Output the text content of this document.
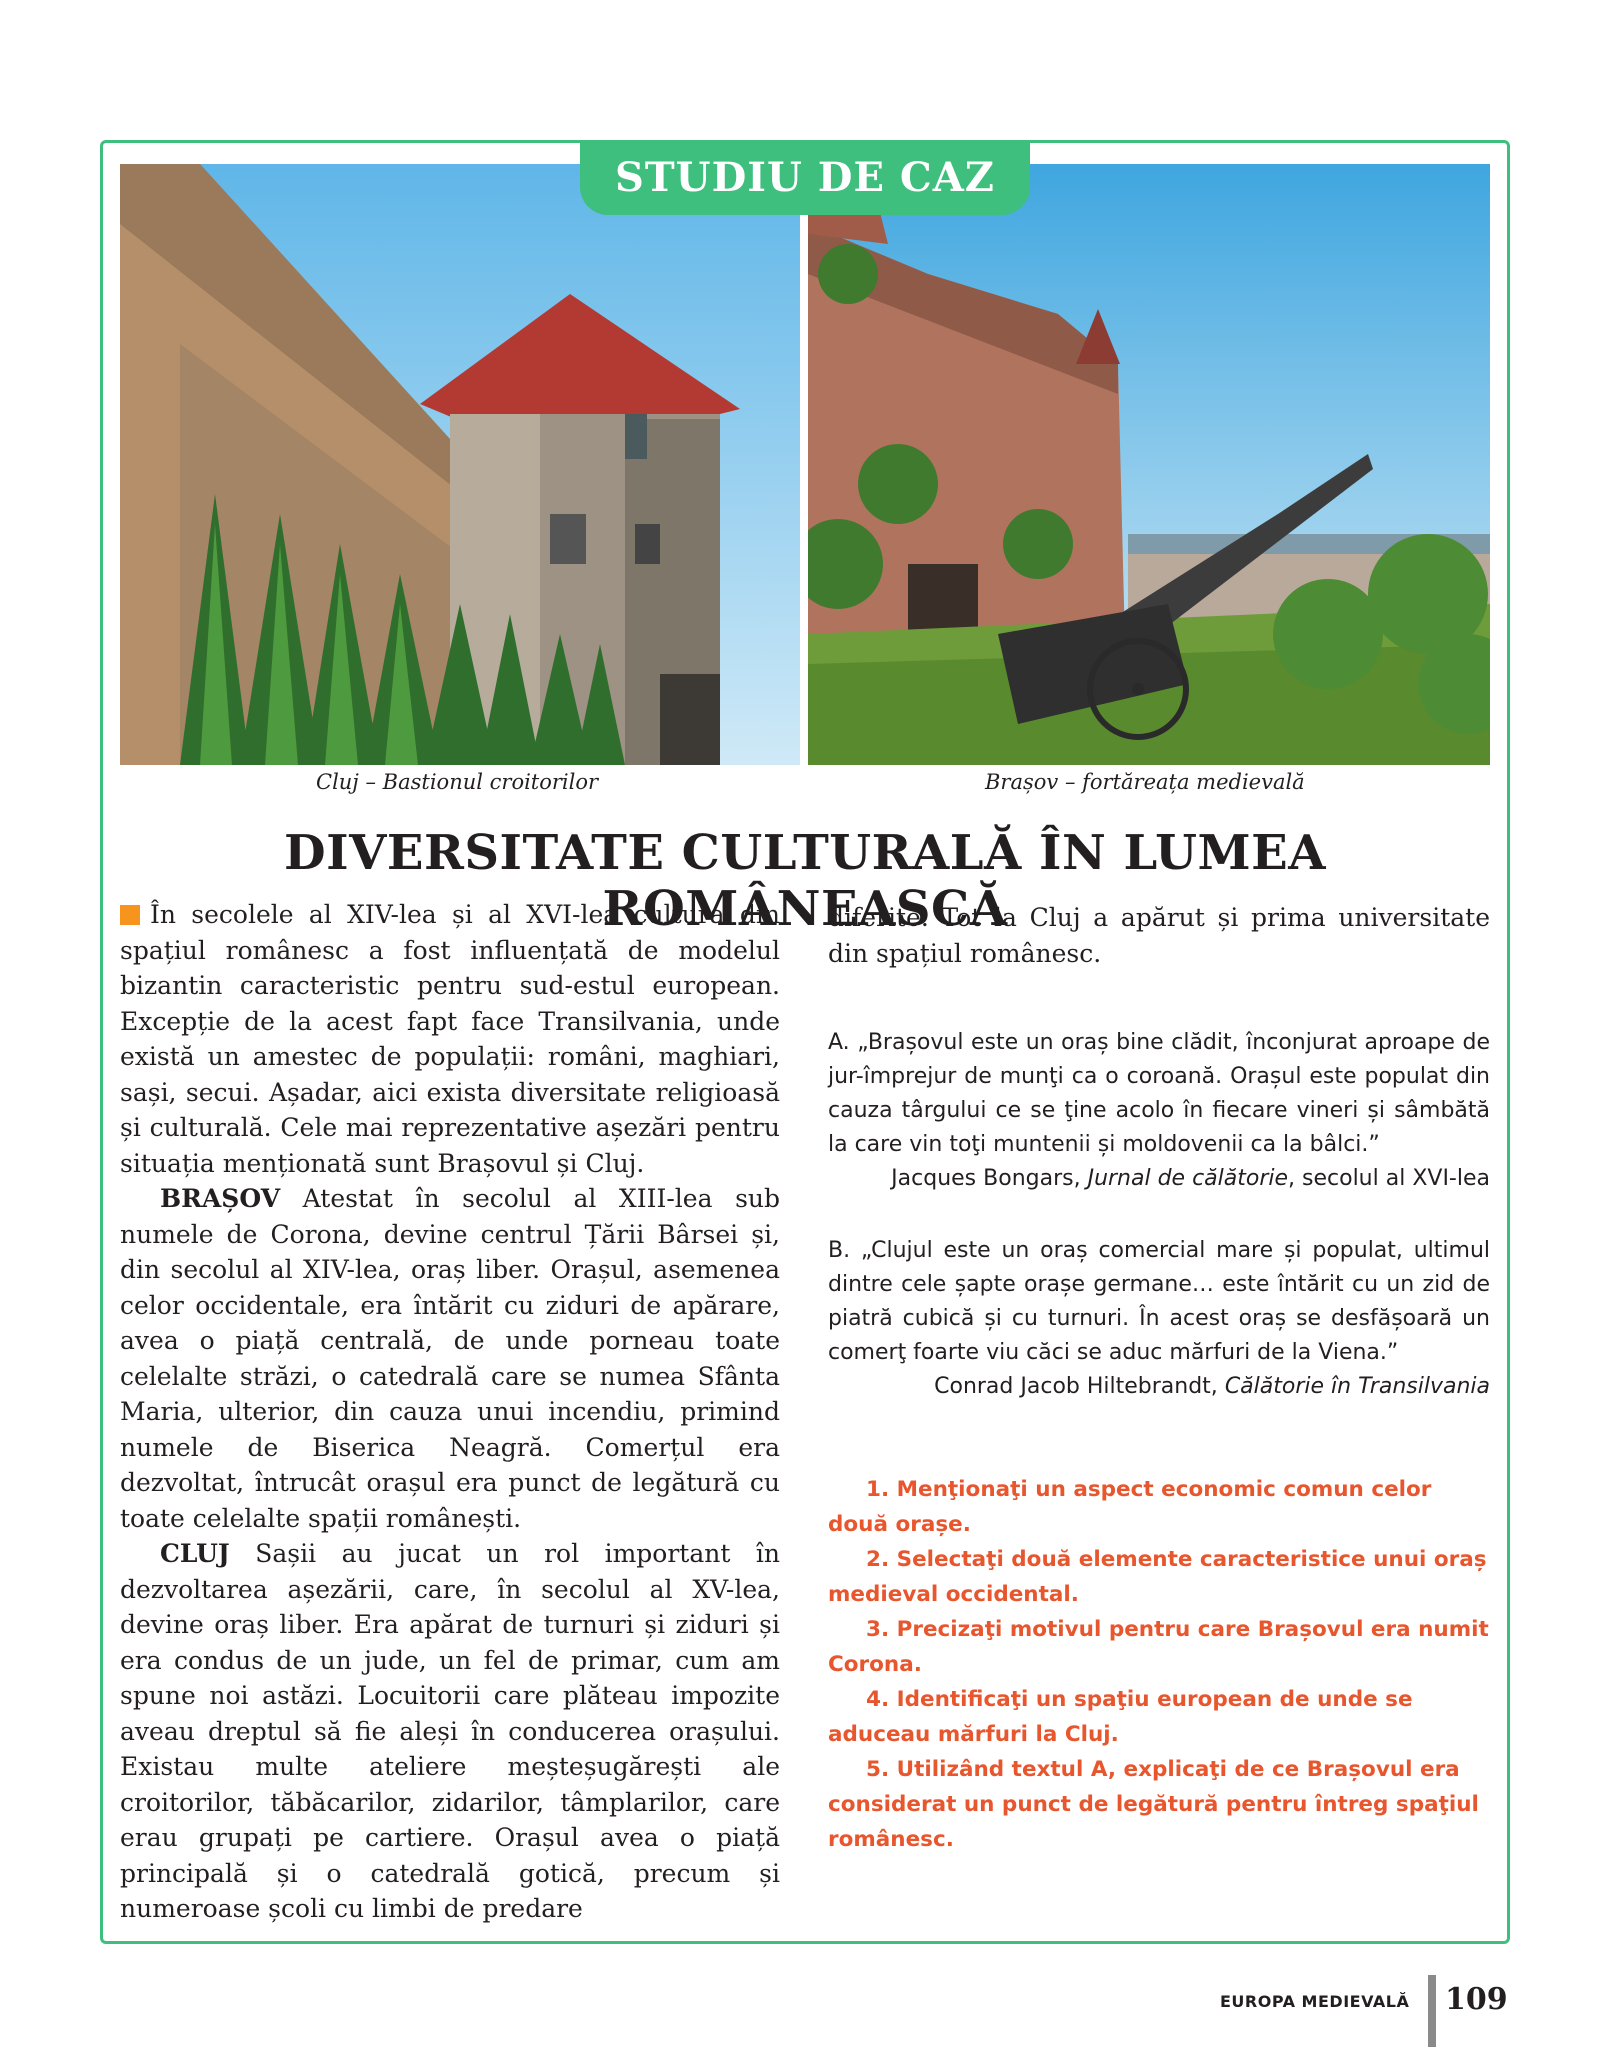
STUDIU DE CAZ
Cluj – Bastionul croitorilor	Brașov – fortăreața medievală
DIVERSITATE CULTURALĂ ÎN LUMEA ROMÂNEASCĂ

În secolele al XIV-lea și al XVI-lea cultura din spațiul românesc a fost influențată de modelul bizantin caracteristic pentru sud-estul european. Excepție de la acest fapt face Transilvania, unde există un amestec de populații: români, maghiari, sași, secui. Așadar, aici exista diversitate religioasă și culturală. Cele mai reprezentative așezări pentru situația menționată sunt Brașovul și Cluj.

BRAȘOV Atestat în secolul al XIII-lea sub numele de Corona, devine centrul Țării Bârsei și, din secolul al XIV-lea, oraș liber. Orașul, asemenea celor occidentale, era întărit cu ziduri de apărare, avea o piață centrală, de unde porneau toate celelalte străzi, o catedrală care se numea Sfânta Maria, ulterior, din cauza unui incendiu, primind numele de Biserica Neagră. Comerțul era dezvoltat, întrucât orașul era punct de legătură cu toate celelalte spații românești.

CLUJ Sașii au jucat un rol important în dezvoltarea așezării, care, în secolul al XV-lea, devine oraș liber. Era apărat de turnuri și ziduri și era condus de un jude, un fel de primar, cum am spune noi astăzi. Locuitorii care plăteau impozite aveau dreptul să fie aleși în conducerea orașului. Existau multe ateliere meșteșugărești ale croitorilor, tăbăcarilor, zidarilor, tâmplarilor, care erau grupați pe cartiere. Orașul avea o piață principală și o catedrală gotică, precum și numeroase școli cu limbi de predare

diferite. Tot la Cluj a apărut și prima universitate din spațiul românesc.

A. „Brașovul este un oraș bine clădit, înconjurat aproape de jur-împrejur de munţi ca o coroană. Orașul este populat din cauza târgului ce se ţine acolo în fiecare vineri și sâmbătă la care vin toţi muntenii și moldovenii ca la bâlci.”

Jacques Bongars, Jurnal de călătorie, secolul al XVI-lea

B. „Clujul este un oraș comercial mare și populat, ultimul dintre cele șapte orașe germane… este întărit cu un zid de piatră cubică și cu turnuri. În acest oraș se desfășoară un comerţ foarte viu căci se aduc mărfuri de la Viena.”

Conrad Jacob Hiltebrandt, Călătorie în Transilvania

1. Menţionaţi un aspect economic comun celor două orașe.

2. Selectaţi două elemente caracteristice unui oraș medieval occidental.

3. Precizaţi motivul pentru care Brașovul era numit Corona.

4. Identificaţi un spaţiu european de unde se aduceau mărfuri la Cluj.

5. Utilizând textul A, explicaţi de ce Brașovul era considerat un punct de legătură pentru întreg spaţiul românesc.

EUROPA MEDIEVALĂ 109
